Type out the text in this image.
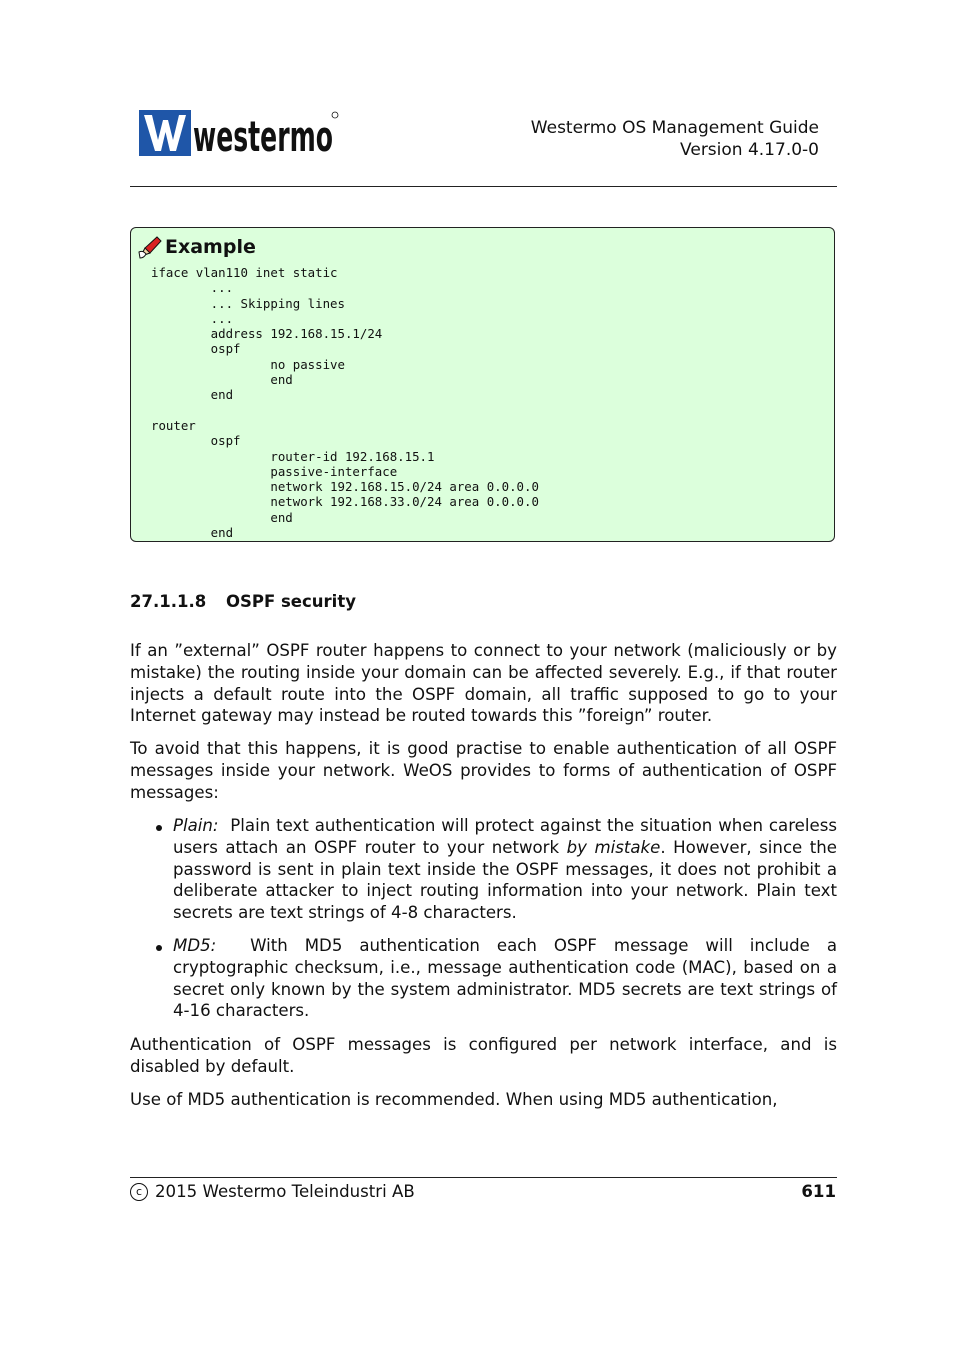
westermo	Westermo OS Management Guide
Version 4.17.0-0
Example
iface vlan110 inet static
...
... Skipping lines
...
address 192.168.15.1/24
ospf
no passive
end
end

router
ospf
router-id 192.168.15.1
passive-interface
network 192.168.15.0/24 area 0.0.0.0
network 192.168.33.0/24 area 0.0.0.0
end
end
27.1.1.8 OSPF security

If an ”external” OSPF router happens to connect to your network (maliciously or by mistake) the routing inside your domain can be affected severely. E.g., if that router injects a default route into the OSPF domain, all traffic supposed to go to your Internet gateway may instead be routed towards this ”foreign” router.

To avoid that this happens, it is good practise to enable authentication of all OSPF messages inside your network. WeOS provides to forms of authentication of OSPF messages:

Plain: Plain text authentication will protect against the situation when careless users attach an OSPF router to your network by mistake. However, since the password is sent in plain text inside the OSPF messages, it does not prohibit a deliberate attacker to inject routing information into your network. Plain text secrets are text strings of 4-8 characters.

MD5: With MD5 authentication each OSPF message will include a cryptographic checksum, i.e., message authentication code (MAC), based on a secret only known by the system administrator. MD5 secrets are text strings of 4-16 characters.

Authentication of OSPF messages is configured per network interface, and is disabled by default.

Use of MD5 authentication is recommended. When using MD5 authentication,

c 2015 Westermo Teleindustri AB	611
